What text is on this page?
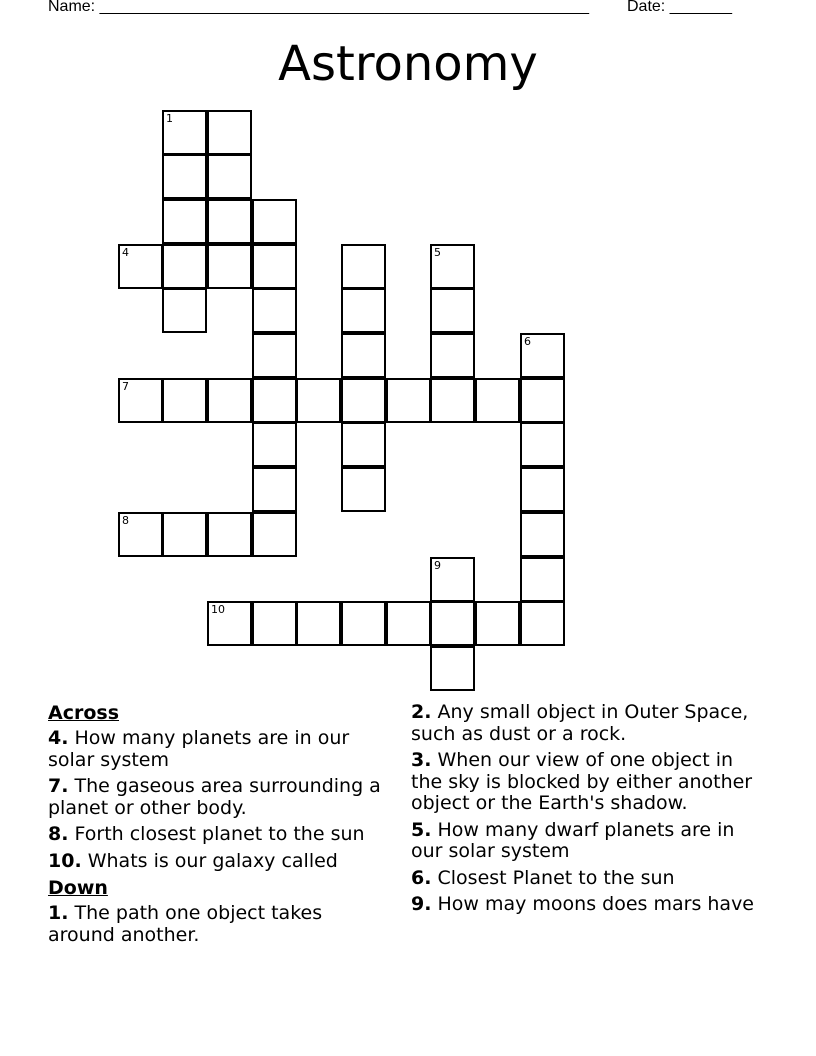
Name: _______________________________________________________ Date: _______
Astronomy
1
4	5
6
7
8
9
10
Across
4. How many planets are in our solar system
7. The gaseous area surrounding a planet or other body.
8. Forth closest planet to the sun
10. Whats is our galaxy called
Down
1. The path one object takes around another.
2. Any small object in Outer Space, such as dust or a rock.
3. When our view of one object in the sky is blocked by either another object or the Earth's shadow.
5. How many dwarf planets are in our solar system
6. Closest Planet to the sun
9. How may moons does mars have
